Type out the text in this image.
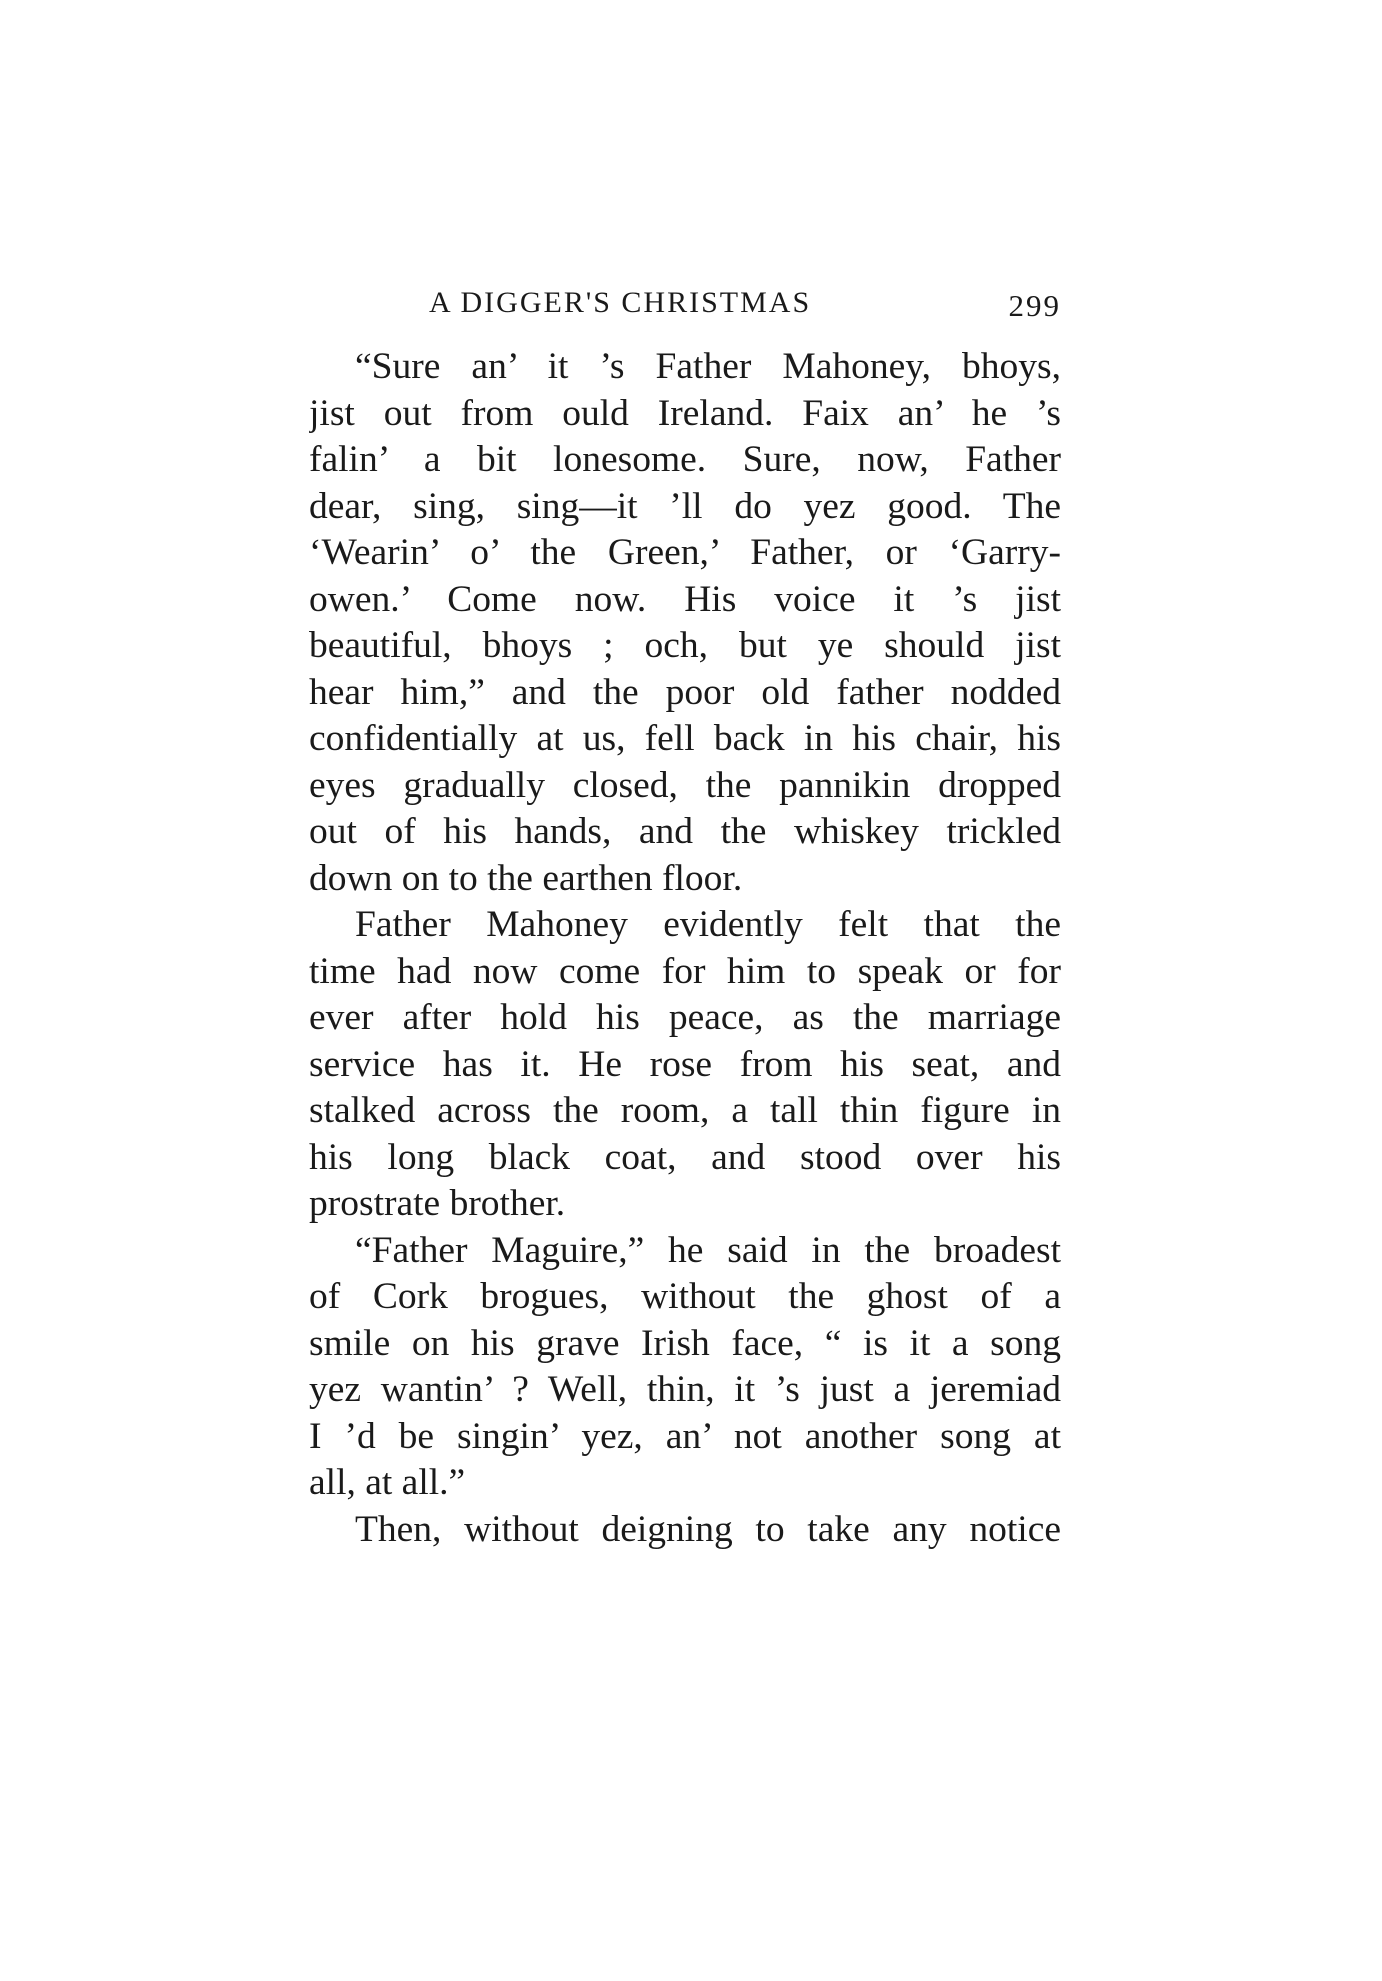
A DIGGER'S CHRISTMAS	299
“Sure an’ it ’s Father Mahoney, bhoys,
jist out from ould Ireland. Faix an’ he ’s
falin’ a bit lonesome. Sure, now, Father
dear, sing, sing—it ’ll do yez good. The
‘Wearin’ o’ the Green,’ Father, or ‘Garry-
owen.’ Come now. His voice it ’s jist
beautiful, bhoys ; och, but ye should jist
hear him,” and the poor old father nodded
confidentially at us, fell back in his chair, his
eyes gradually closed, the pannikin dropped
out of his hands, and the whiskey trickled
down on to the earthen floor.
Father Mahoney evidently felt that the
time had now come for him to speak or for
ever after hold his peace, as the marriage
service has it. He rose from his seat, and
stalked across the room, a tall thin figure in
his long black coat, and stood over his
prostrate brother.
“Father Maguire,” he said in the broadest
of Cork brogues, without the ghost of a
smile on his grave Irish face, “ is it a song
yez wantin’ ? Well, thin, it ’s just a jeremiad
I ’d be singin’ yez, an’ not another song at
all, at all.”
Then, without deigning to take any notice
